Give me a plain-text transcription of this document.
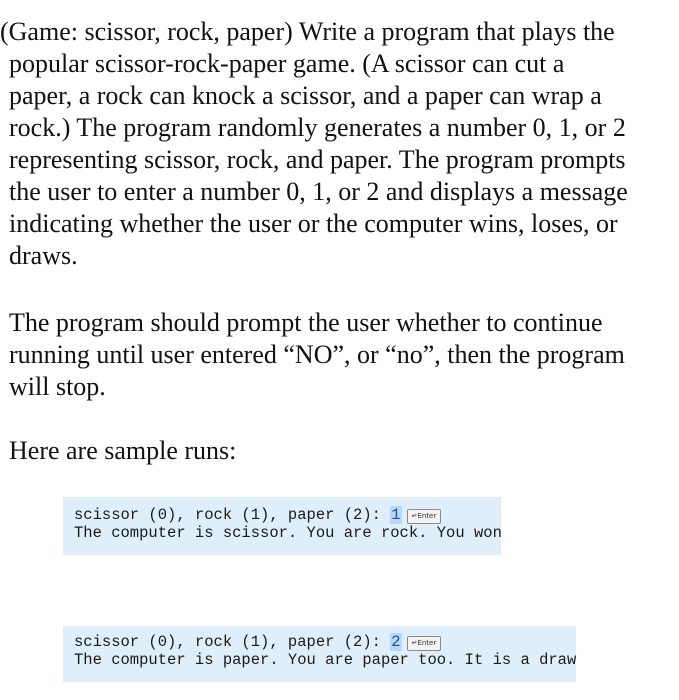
(Game: scissor, rock, paper) Write a program that plays the
popular scissor-rock-paper game. (A scissor can cut a
paper, a rock can knock a scissor, and a paper can wrap a
rock.) The program randomly generates a number 0, 1, or 2
representing scissor, rock, and paper. The program prompts
the user to enter a number 0, 1, or 2 and displays a message
indicating whether the user or the computer wins, loses, or
draws.
The program should prompt the user whether to continue
running until user entered “NO”, or “no”, then the program
will stop.
Here are sample runs:
scissor (0), rock (1), paper (2): 1 ↵Enter
The computer is scissor. You are rock. You won
scissor (0), rock (1), paper (2): 2 ↵Enter
The computer is paper. You are paper too. It is a draw
